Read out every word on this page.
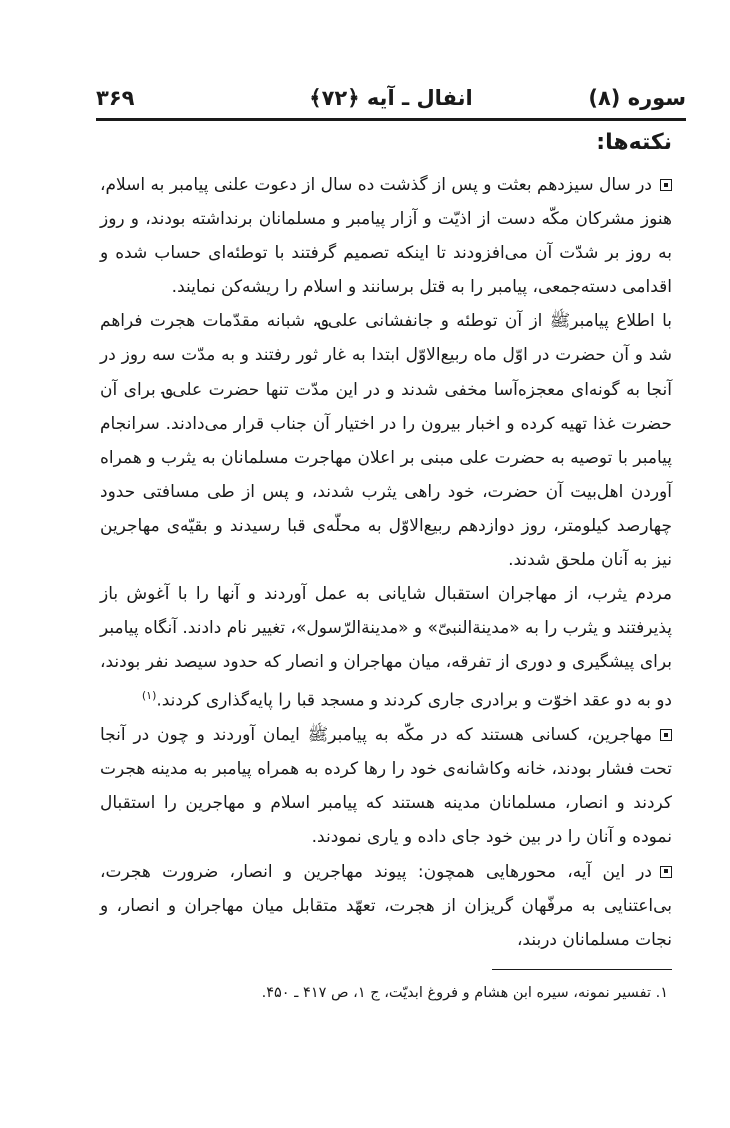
سوره (۸)
انفال ـ آیه ﴿۷۲﴾
۳۶۹
نکته‌ها:

در سال سیزدهم بعثت و پس از گذشت ده سال از دعوت علنی پیامبر به اسلام، هنوز مشرکان مکّه دست از اذیّت و آزار پیامبر و مسلمانان برنداشته بودند، و روز به روز بر شدّت آن می‌افزودند تا اینکه تصمیم گرفتند با توطئه‌ای حساب شده و اقدامی دسته‌جمعی، پیامبر را به قتل برسانند و اسلام را ریشه‌کن نمایند.

با اطلاع پیامبرﷺ از آن توطئه و جانفشانی علی‌؈، شبانه مقدّمات هجرت فراهم شد و آن حضرت در اوّل ماه ربیع‌الاوّل ابتدا به غار ثور رفتند و به مدّت سه روز در آنجا به گونه‌ای معجزه‌آسا مخفی شدند و در این مدّت تنها حضرت علی‌؈ برای آن حضرت غذا تهیه کرده و اخبار بیرون را در اختیار آن جناب قرار می‌دادند. سرانجام پیامبر با توصیه به حضرت علی مبنی بر اعلان مهاجرت مسلمانان به یثرب و همراه آوردن اهل‌بیت آن حضرت، خود راهی یثرب شدند، و پس از طی مسافتی حدود چهارصد کیلومتر، روز دوازدهم ربیع‌الاوّل به محلّه‌ی قبا رسیدند و بقیّه‌ی مهاجرین نیز به آنان ملحق شدند.

مردم یثرب، از مهاجران استقبال شایانی به عمل آوردند و آنها را با آغوش باز پذیرفتند و یثرب را به «مدینة‌النبیّ» و «مدینة‌الرّسول»، تغییر نام دادند. آنگاه پیامبر برای پیشگیری و دوری از تفرقه، میان مهاجران و انصار که حدود سیصد نفر بودند، دو به دو عقد اخوّت و برادری جاری کردند و مسجد قبا را پایه‌گذاری کردند.$^{(۱)}$

مهاجرین، کسانی هستند که در مکّه به پیامبرﷺ ایمان آوردند و چون در آنجا تحت فشار بودند، خانه وکاشانه‌ی خود را رها کرده به همراه پیامبر به مدینه هجرت کردند و انصار، مسلمانان مدینه هستند که پیامبر اسلام و مهاجرین را استقبال نموده و آنان را در بین خود جای داده و یاری نمودند.

در این آیه، محورهایی همچون: پیوند مهاجرین و انصار، ضرورت هجرت، بی‌اعتنایی به مرفّهان گریزان از هجرت، تعهّد متقابل میان مهاجران و انصار، و نجات مسلمانان دربند،

۱. تفسیر نمونه، سیره ابن هشام و فروغ ابدیّت، ج ۱، ص ۴۱۷ ـ ۴۵۰.
